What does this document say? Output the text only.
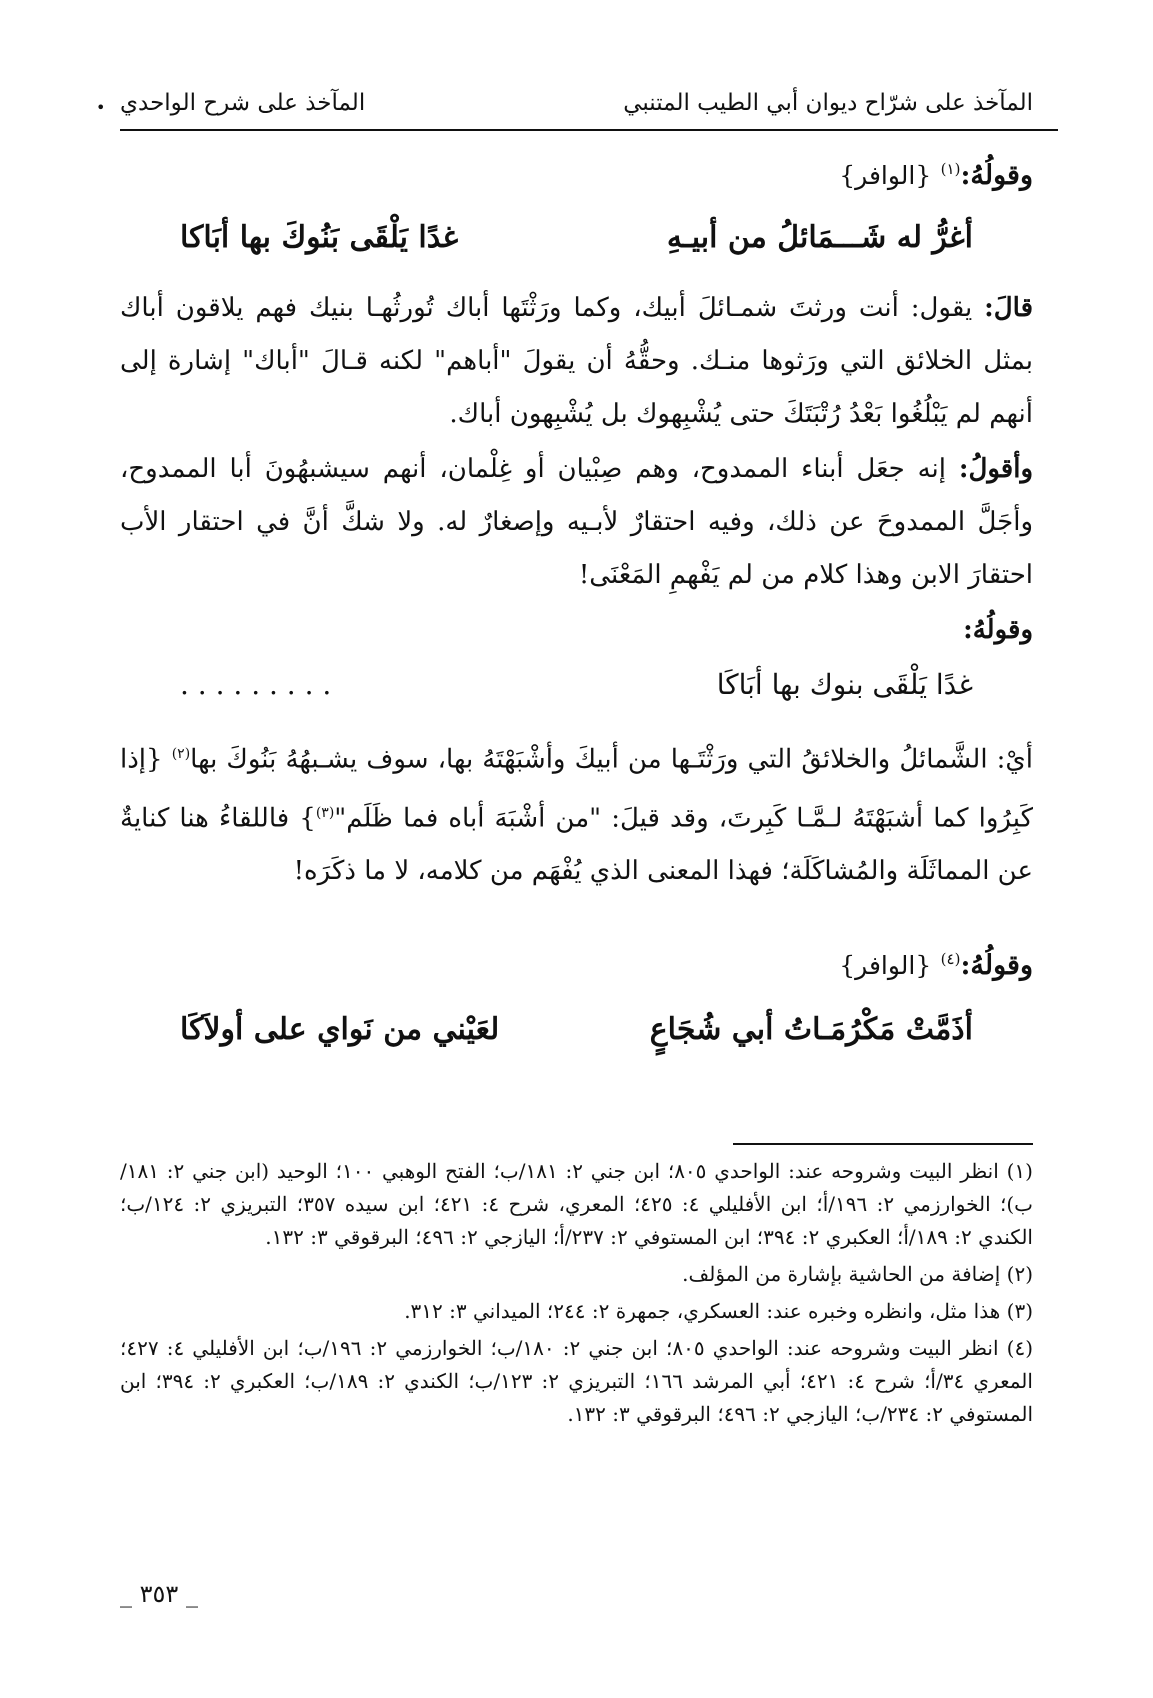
المآخذ على شرّاح ديوان أبي الطيب المتنبي
المآخذ على شرح الواحدي
•
وقولُهُ:$^{(١)}$ {الوافر}
أغرُّ له شَـــمَائلُ من أبيـهِ
غدًا يَلْقَى بَنُوكَ بها أبَاكا
قالَ: يقول: أنت ورثتَ شمـائلَ أبيك، وكما ورَثْتَها أباك تُورثُهـا بنيك فهم يلاقون أباك بمثل الخلائق التي ورَثوها منـك. وحقُّهُ أن يقولَ "أباهم" لكنه قـالَ "أباك" إشارة إلى أنهم لم يَبْلُغُوا بَعْدُ رُتْبَتَكَ حتى يُشْبِهوك بل يُشْبِهون أباك.
وأقولُ: إنه جعَل أبناء الممدوح، وهم صِبْيان أو غِلْمان، أنهم سيشبهُونَ أبا الممدوح، وأجَلَّ الممدوحَ عن ذلك، وفيه احتقارٌ لأبـيه وإصغارٌ له. ولا شكَّ أنَّ في احتقار الأب احتقارَ الابن وهذا كلام من لم يَفْهمِ المَعْنَى!
وقولُهُ:
غدًا يَلْقَى بنوك بها أبَاكَا
. . . . . . . . .
أيْ: الشَّمائلُ والخلائقُ التي ورَثْتَـها من أبيكَ وأشْبَهْتَهُ بها، سوف يشـبهُهُ بَنُوكَ بها$^{(٢)}$ {إذا كَبِرُوا كما أشبَهْتَهُ لـمَّـا كَبِرتَ، وقد قيلَ: "من أشْبَهَ أباه فما ظَلَم"$^{(٣)}$} فاللقاءُ هنا كنايةٌ عن المماثَلَة والمُشاكَلَة؛ فهذا المعنى الذي يُفْهَم من كلامه، لا ما ذكَرَه!
وقولُهُ:$^{(٤)}$ {الوافر}
أذَمَّتْ مَكْرُمَـاتُ أبي شُجَاعٍ
لعَيْني من نَواي على أولاَكَا

(١) انظر البيت وشروحه عند: الواحدي ٨٠٥؛ ابن جني ٢: ١٨١/ب؛ الفتح الوهبي ١٠٠؛ الوحيد (ابن جني ٢: ١٨١/ب)؛ الخوارزمي ٢: ١٩٦/أ؛ ابن الأفليلي ٤: ٤٢٥؛ المعري، شرح ٤: ٤٢١؛ ابن سيده ٣٥٧؛ التبريزي ٢: ١٢٤/ب؛ الكندي ٢: ١٨٩/أ؛ العكبري ٢: ٣٩٤؛ ابن المستوفي ٢: ٢٣٧/أ؛ اليازجي ٢: ٤٩٦؛ البرقوقي ٣: ١٣٢.

(٢) إضافة من الحاشية بإشارة من المؤلف.

(٣) هذا مثل، وانظره وخبره عند: العسكري، جمهرة ٢: ٢٤٤؛ الميداني ٣: ٣١٢.

(٤) انظر البيت وشروحه عند: الواحدي ٨٠٥؛ ابن جني ٢: ١٨٠/ب؛ الخوارزمي ٢: ١٩٦/ب؛ ابن الأفليلي ٤: ٤٢٧؛ المعري ٣٤/أ؛ شرح ٤: ٤٢١؛ أبي المرشد ١٦٦؛ التبريزي ٢: ١٢٣/ب؛ الكندي ٢: ١٨٩/ب؛ العكبري ٢: ٣٩٤؛ ابن المستوفي ٢: ٢٣٤/ب؛ اليازجي ٢: ٤٩٦؛ البرقوقي ٣: ١٣٢.

_ ٣٥٣ _
